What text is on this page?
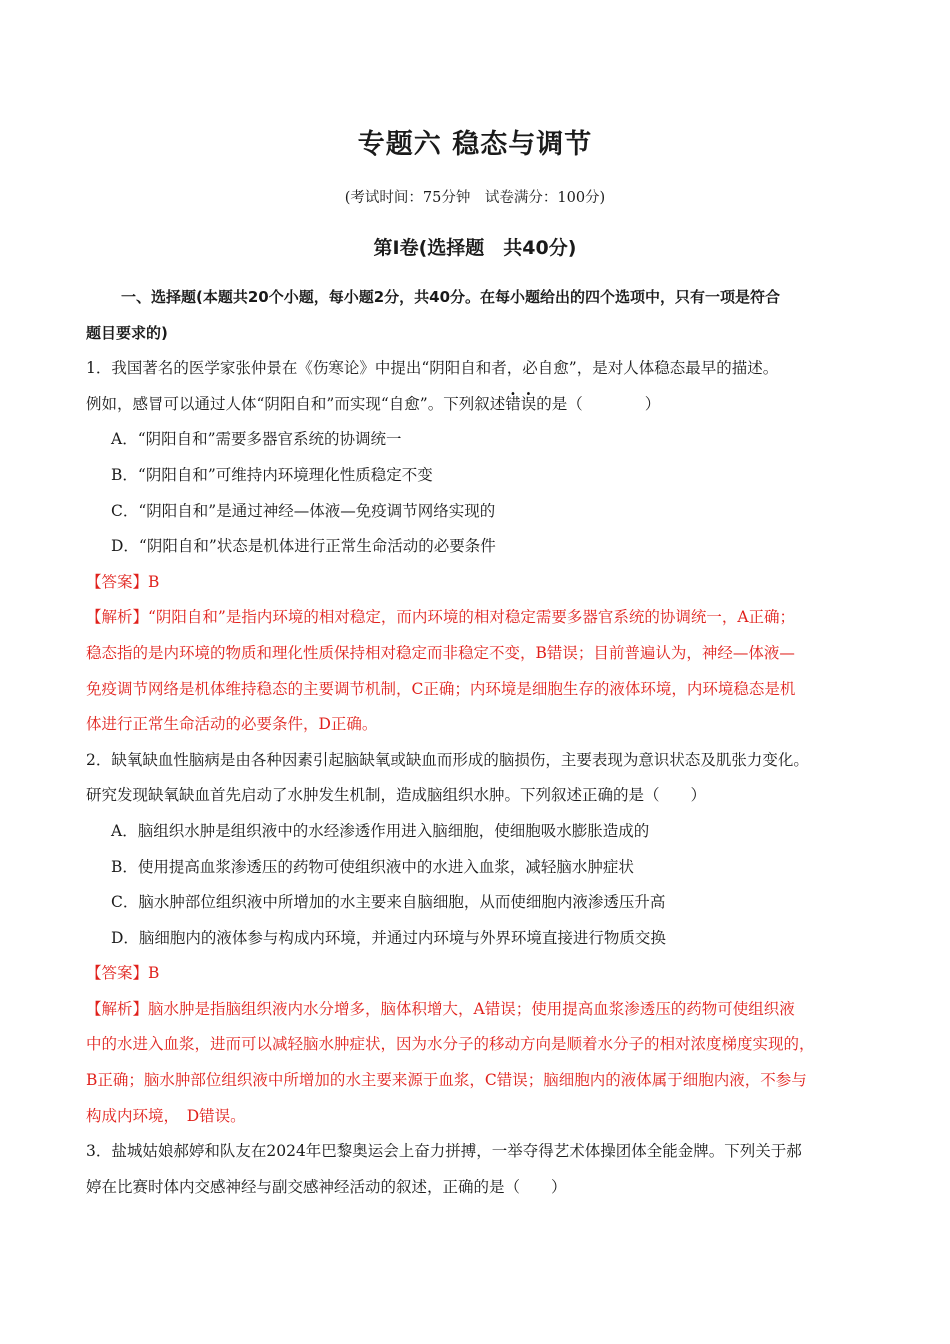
专题六 稳态与调节
(考试时间：75分钟　试卷满分：100分)
第Ⅰ卷(选择题　共40分)
一、选择题(本题共20个小题，每小题2分，共40分。在每小题给出的四个选项中，只有一项是符合
题目要求的)
1．我国著名的医学家张仲景在《伤寒论》中提出“阴阳自和者，必自愈”，是对人体稳态最早的描述。
例如，感冒可以通过人体“阴阳自和”而实现“自愈”。下列叙述错误的是（　　　　）
A．“阴阳自和”需要多器官系统的协调统一
B．“阴阳自和”可维持内环境理化性质稳定不变
C．“阴阳自和”是通过神经—体液—免疫调节网络实现的
D．“阴阳自和”状态是机体进行正常生命活动的必要条件
【答案】B
【解析】“阴阳自和”是指内环境的相对稳定，而内环境的相对稳定需要多器官系统的协调统一，A正确；
稳态指的是内环境的物质和理化性质保持相对稳定而非稳定不变，B错误；目前普遍认为，神经—体液—
免疫调节网络是机体维持稳态的主要调节机制，C正确；内环境是细胞生存的液体环境，内环境稳态是机
体进行正常生命活动的必要条件，D正确。
2．缺氧缺血性脑病是由各种因素引起脑缺氧或缺血而形成的脑损伤，主要表现为意识状态及肌张力变化。
研究发现缺氧缺血首先启动了水肿发生机制，造成脑组织水肿。下列叙述正确的是（　　）
A．脑组织水肿是组织液中的水经渗透作用进入脑细胞，使细胞吸水膨胀造成的
B．使用提高血浆渗透压的药物可使组织液中的水进入血浆，减轻脑水肿症状
C．脑水肿部位组织液中所增加的水主要来自脑细胞，从而使细胞内液渗透压升高
D．脑细胞内的液体参与构成内环境，并通过内环境与外界环境直接进行物质交换
【答案】B
【解析】脑水肿是指脑组织液内水分增多，脑体积增大，A错误；使用提高血浆渗透压的药物可使组织液
中的水进入血浆，进而可以减轻脑水肿症状，因为水分子的移动方向是顺着水分子的相对浓度梯度实现的，
B正确；脑水肿部位组织液中所增加的水主要来源于血浆，C错误；脑细胞内的液体属于细胞内液，不参与
构成内环境，　D错误。
3．盐城姑娘郝婷和队友在2024年巴黎奥运会上奋力拼搏，一举夺得艺术体操团体全能金牌。下列关于郝
婷在比赛时体内交感神经与副交感神经活动的叙述，正确的是（　　）
